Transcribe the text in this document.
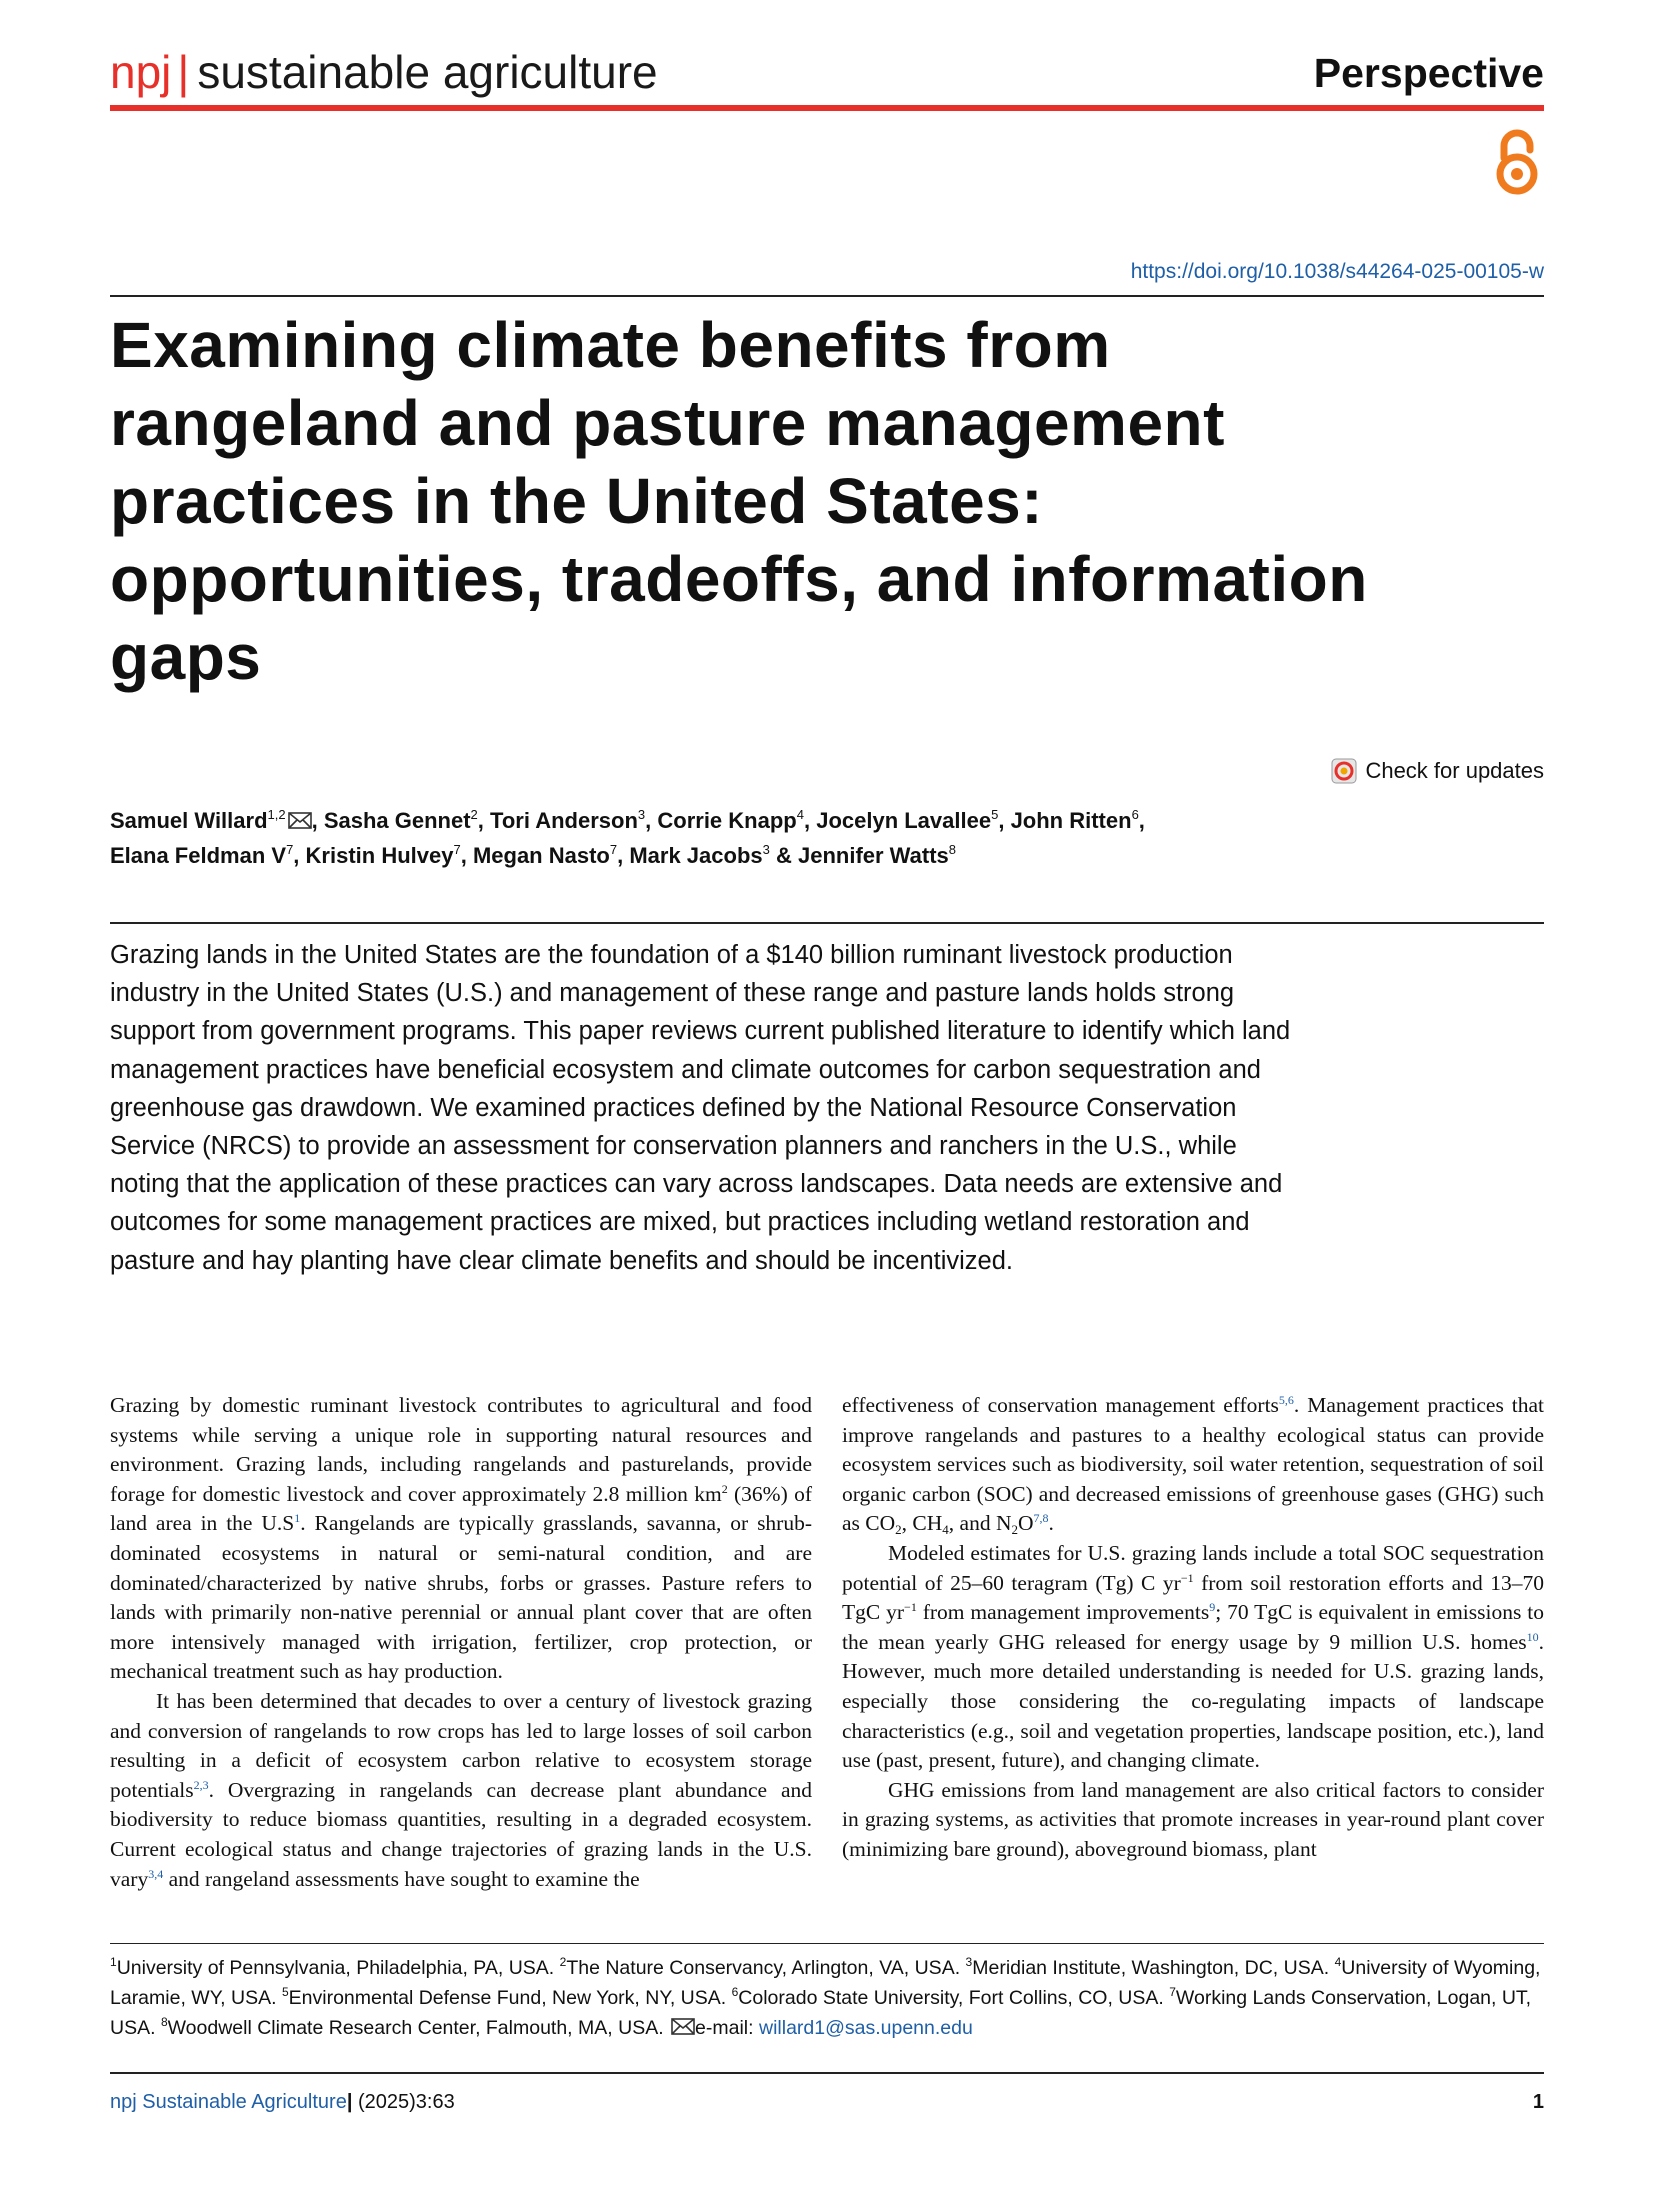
npj | sustainable agriculture	Perspective
https://doi.org/10.1038/s44264-025-00105-w
Examining climate benefits from rangeland and pasture management practices in the United States: opportunities, tradeoffs, and information gaps
Check for updates
Samuel Willard$^{1,2}$ , Sasha Gennet$^2$, Tori Anderson$^3$, Corrie Knapp$^4$, Jocelyn Lavallee$^5$, John Ritten$^6$,
Elana Feldman $V^7$, Kristin Hulvey$^7$, Megan Nasto$^7$, Mark Jacobs$^3$ & Jennifer Watts$^8$
Grazing lands in the United States are the foundation of a $140 billion ruminant livestock production industry in the United States (U.S.) and management of these range and pasture lands holds strong support from government programs. This paper reviews current published literature to identify which land management practices have beneficial ecosystem and climate outcomes for carbon sequestration and greenhouse gas drawdown. We examined practices defined by the National Resource Conservation Service (NRCS) to provide an assessment for conservation planners and ranchers in the U.S., while noting that the application of these practices can vary across landscapes. Data needs are extensive and outcomes for some management practices are mixed, but practices including wetland restoration and pasture and hay planting have clear climate benefits and should be incentivized.

Grazing by domestic ruminant livestock contributes to agricultural and food systems while serving a unique role in supporting natural resources and environment. Grazing lands, including rangelands and pasturelands, provide forage for domestic livestock and cover approximately 2.8 million $km^2$ (36%) of land area in the U.S$^1$. Rangelands are typically grasslands, savanna, or shrub-dominated ecosystems in natural or semi-natural condition, and are dominated/characterized by native shrubs, forbs or grasses. Pasture refers to lands with primarily non-native perennial or annual plant cover that are often more intensively managed with irrigation, fertilizer, crop protection, or mechanical treatment such as hay production.

It has been determined that decades to over a century of livestock grazing and conversion of rangelands to row crops has led to large losses of soil carbon resulting in a deficit of ecosystem carbon relative to ecosystem storage potentials$^{2,3}$. Overgrazing in rangelands can decrease plant abundance and biodiversity to reduce biomass quantities, resulting in a degraded ecosystem. Current ecological status and change trajectories of grazing lands in the U.S. vary$^{3,4}$ and rangeland assessments have sought to examine the

effectiveness of conservation management efforts$^{5,6}$. Management practices that improve rangelands and pastures to a healthy ecological status can provide ecosystem services such as biodiversity, soil water retention, sequestration of soil organic carbon (SOC) and decreased emissions of greenhouse gases (GHG) such as $CO_2$, $CH_4$, and $N_2O^{7,8}$.

Modeled estimates for U.S. grazing lands include a total SOC sequestration potential of 25–60 teragram (Tg) C $yr^{-1}$ from soil restoration efforts and 13–70 TgC $yr^{-1}$ from management improvements$^9$; 70 TgC is equivalent in emissions to the mean yearly GHG released for energy usage by 9 million U.S. homes$^{10}$. However, much more detailed understanding is needed for U.S. grazing lands, especially those considering the co-regulating impacts of landscape characteristics (e.g., soil and vegetation properties, landscape position, etc.), land use (past, present, future), and changing climate.

GHG emissions from land management are also critical factors to consider in grazing systems, as activities that promote increases in year-round plant cover (minimizing bare ground), aboveground biomass, plant

$^1$University of Pennsylvania, Philadelphia, PA, USA. $^2$The Nature Conservancy, Arlington, VA, USA. $^3$Meridian Institute, Washington, DC, USA. $^4$University of Wyoming, Laramie, WY, USA. $^5$Environmental Defense Fund, New York, NY, USA. $^6$Colorado State University, Fort Collins, CO, USA. $^7$Working Lands Conservation, Logan, UT, USA. $^8$Woodwell Climate Research Center, Falmouth, MA, USA. e-mail: willard1@sas.upenn.edu
npj Sustainable Agriculture| (2025)3:63	1
